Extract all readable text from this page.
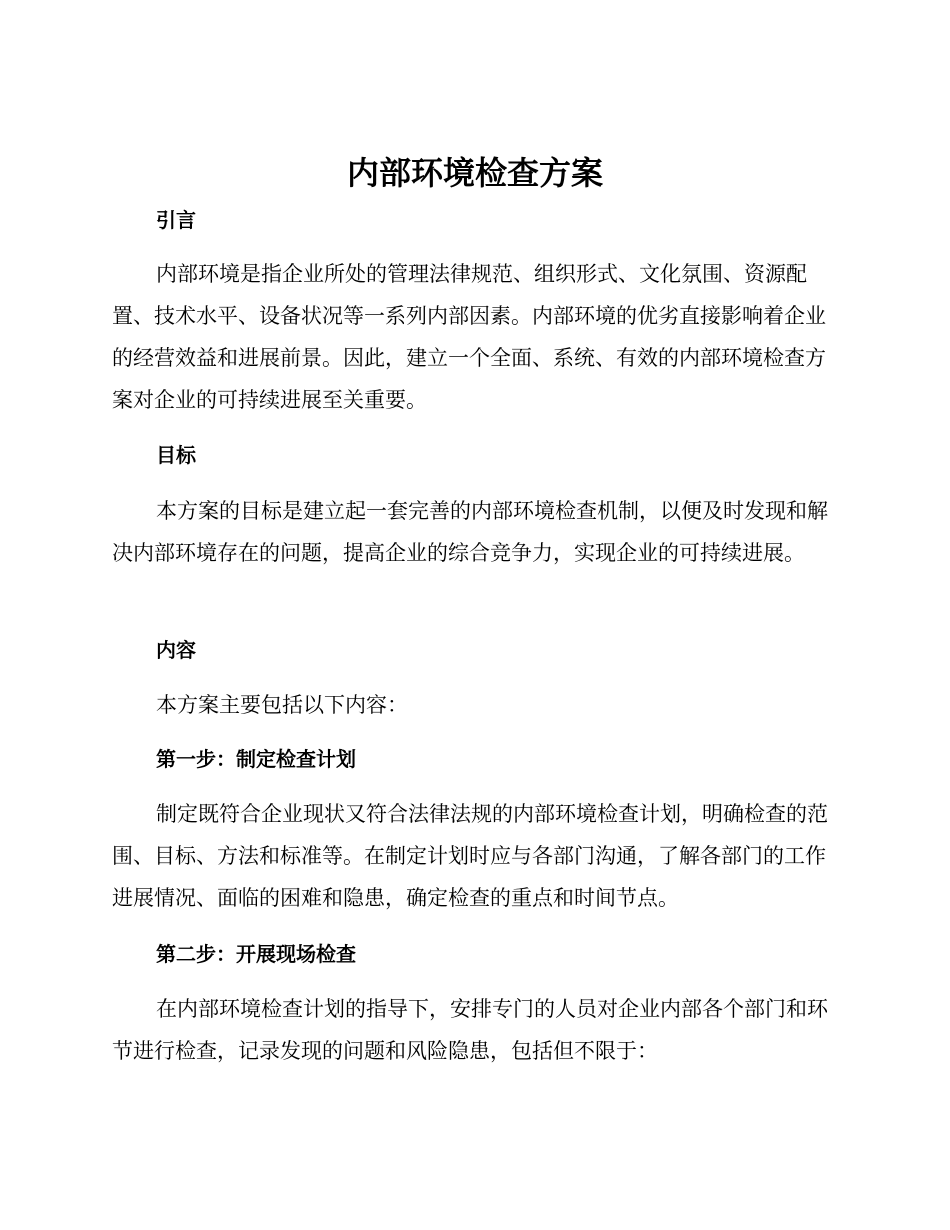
内部环境检查方案
引言

内部环境是指企业所处的管理法律规范、组织形式、文化氛围、资源配置、技术水平、设备状况等一系列内部因素。内部环境的优劣直接影响着企业的经营效益和进展前景。因此，建立一个全面、系统、有效的内部环境检查方案对企业的可持续进展至关重要。

目标

本方案的目标是建立起一套完善的内部环境检查机制，以便及时发现和解决内部环境存在的问题，提高企业的综合竞争力，实现企业的可持续进展。

内容

本方案主要包括以下内容：

第一步：制定检查计划

制定既符合企业现状又符合法律法规的内部环境检查计划，明确检查的范围、目标、方法和标准等。在制定计划时应与各部门沟通，了解各部门的工作进展情况、面临的困难和隐患，确定检查的重点和时间节点。

第二步：开展现场检查

在内部环境检查计划的指导下，安排专门的人员对企业内部各个部门和环节进行检查，记录发现的问题和风险隐患，包括但不限于：
